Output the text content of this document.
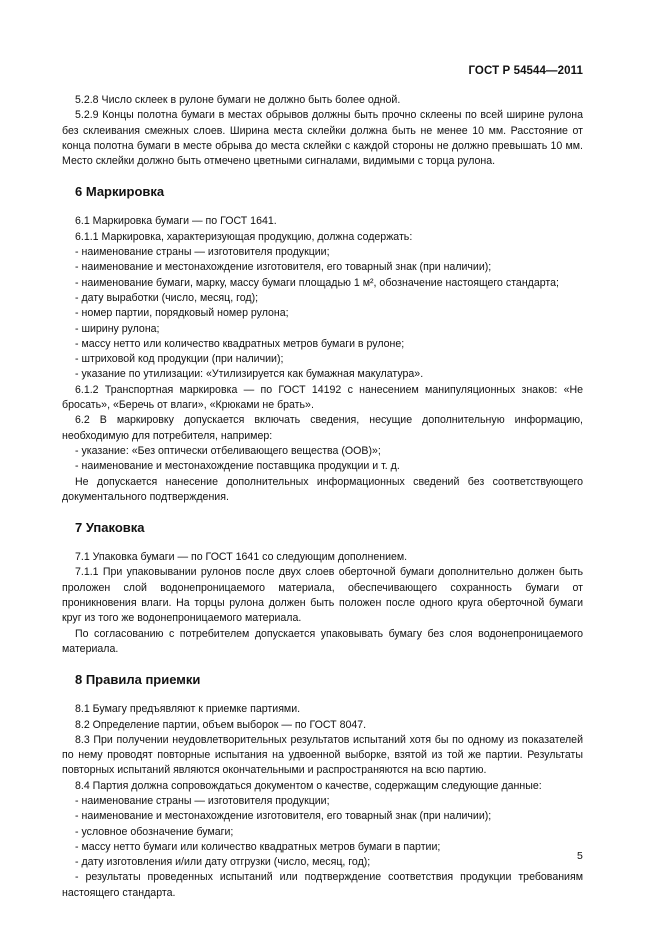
ГОСТ Р 54544—2011

5.2.8 Число склеек в рулоне бумаги не должно быть более одной.

5.2.9 Концы полотна бумаги в местах обрывов должны быть прочно склеены по всей ширине рулона без склеивания смежных слоев. Ширина места склейки должна быть не менее 10 мм. Расстояние от конца полотна бумаги в месте обрыва до места склейки с каждой стороны не должно превышать 10 мм. Место склейки должно быть отмечено цветными сигналами, видимыми с торца рулона.

6 Маркировка

6.1 Маркировка бумаги — по ГОСТ 1641.

6.1.1 Маркировка, характеризующая продукцию, должна содержать:

- наименование страны — изготовителя продукции;

- наименование и местонахождение изготовителя, его товарный знак (при наличии);

- наименование бумаги, марку, массу бумаги площадью 1 м², обозначение настоящего стандарта;

- дату выработки (число, месяц, год);

- номер партии, порядковый номер рулона;

- ширину рулона;

- массу нетто или количество квадратных метров бумаги в рулоне;

- штриховой код продукции (при наличии);

- указание по утилизации: «Утилизируется как бумажная макулатура».

6.1.2 Транспортная маркировка — по ГОСТ 14192 с нанесением манипуляционных знаков: «Не бросать», «Беречь от влаги», «Крюками не брать».

6.2 В маркировку допускается включать сведения, несущие дополнительную информацию, необходимую для потребителя, например:

- указание: «Без оптически отбеливающего вещества (ООВ)»;

- наименование и местонахождение поставщика продукции и т. д.

Не допускается нанесение дополнительных информационных сведений без соответствующего документального подтверждения.

7 Упаковка

7.1 Упаковка бумаги — по ГОСТ 1641 со следующим дополнением.

7.1.1 При упаковывании рулонов после двух слоев оберточной бумаги дополнительно должен быть проложен слой водонепроницаемого материала, обеспечивающего сохранность бумаги от проникновения влаги. На торцы рулона должен быть положен после одного круга оберточной бумаги круг из того же водонепроницаемого материала.

По согласованию с потребителем допускается упаковывать бумагу без слоя водонепроницаемого материала.

8 Правила приемки

8.1 Бумагу предъявляют к приемке партиями.

8.2 Определение партии, объем выборок — по ГОСТ 8047.

8.3 При получении неудовлетворительных результатов испытаний хотя бы по одному из показателей по нему проводят повторные испытания на удвоенной выборке, взятой из той же партии. Результаты повторных испытаний являются окончательными и распространяются на всю партию.

8.4 Партия должна сопровождаться документом о качестве, содержащим следующие данные:

- наименование страны — изготовителя продукции;

- наименование и местонахождение изготовителя, его товарный знак (при наличии);

- условное обозначение бумаги;

- массу нетто бумаги или количество квадратных метров бумаги в партии;

- дату изготовления и/или дату отгрузки (число, месяц, год);

- результаты проведенных испытаний или подтверждение соответствия продукции требованиям настоящего стандарта.

5
